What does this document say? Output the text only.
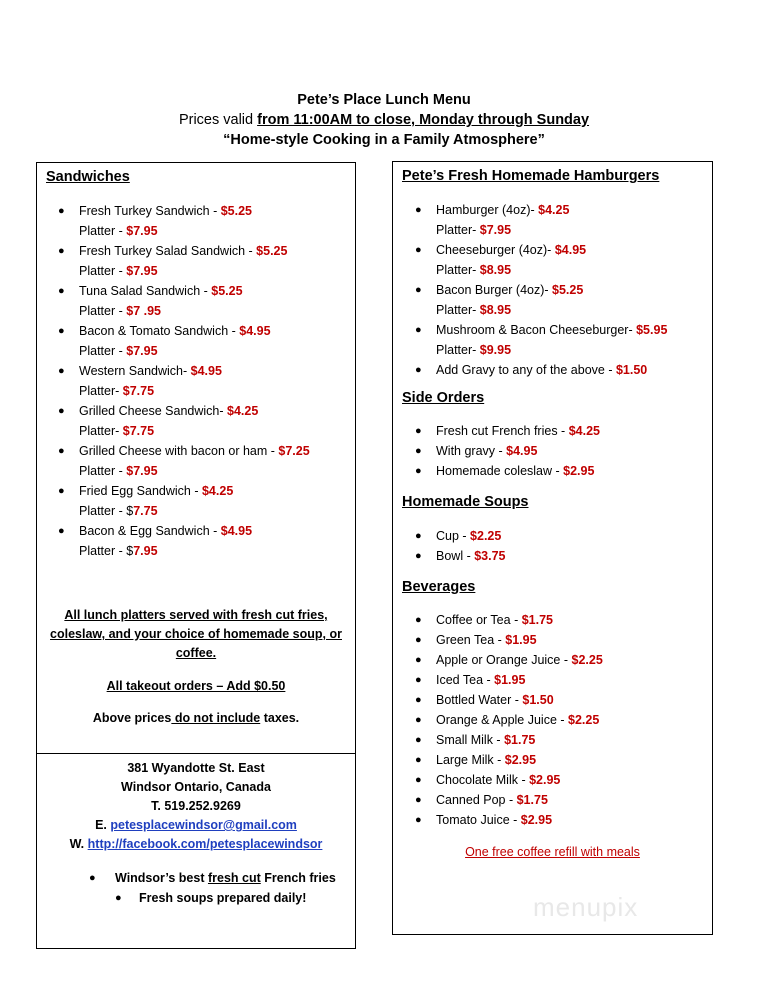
Pete’s Place Lunch Menu
Prices valid from 11:00AM to close, Monday through Sunday
“Home-style Cooking in a Family Atmosphere”
Sandwiches
● Fresh Turkey Sandwich - $5.25
Platter - $7.95
● Fresh Turkey Salad Sandwich - $5.25
Platter - $7.95
● Tuna Salad Sandwich - $5.25
Platter - $7 .95
● Bacon & Tomato Sandwich - $4.95
Platter - $7.95
● Western Sandwich- $4.95
Platter- $7.75
● Grilled Cheese Sandwich- $4.25
Platter- $7.75
● Grilled Cheese with bacon or ham - $7.25
Platter - $7.95
● Fried Egg Sandwich - $4.25
Platter - $7.75
● Bacon & Egg Sandwich - $4.95
Platter - $7.95
All lunch platters served with fresh cut fries, coleslaw, and your choice of homemade soup, or coffee.
All takeout orders – Add $0.50
Above prices do not include taxes.
381 Wyandotte St. East
Windsor Ontario, Canada
T. 519.252.9269
E. petesplacewindsor@gmail.com
W. http://facebook.com/petesplacewindsor
● Windsor’s best fresh cut French fries
● Fresh soups prepared daily!
Pete’s Fresh Homemade Hamburgers
● Hamburger (4oz)- $4.25
Platter- $7.95
● Cheeseburger (4oz)- $4.95
Platter- $8.95
● Bacon Burger (4oz)- $5.25
Platter- $8.95
● Mushroom & Bacon Cheeseburger- $5.95
Platter- $9.95
● Add Gravy to any of the above - $1.50
Side Orders
● Fresh cut French fries - $4.25
● With gravy - $4.95
● Homemade coleslaw - $2.95
Homemade Soups
● Cup - $2.25
● Bowl - $3.75
Beverages
● Coffee or Tea - $1.75
● Green Tea - $1.95
● Apple or Orange Juice - $2.25
● Iced Tea - $1.95
● Bottled Water - $1.50
● Orange & Apple Juice - $2.25
● Small Milk - $1.75
● Large Milk - $2.95
● Chocolate Milk - $2.95
● Canned Pop - $1.75
● Tomato Juice - $2.95
One free coffee refill with meals
menupix
